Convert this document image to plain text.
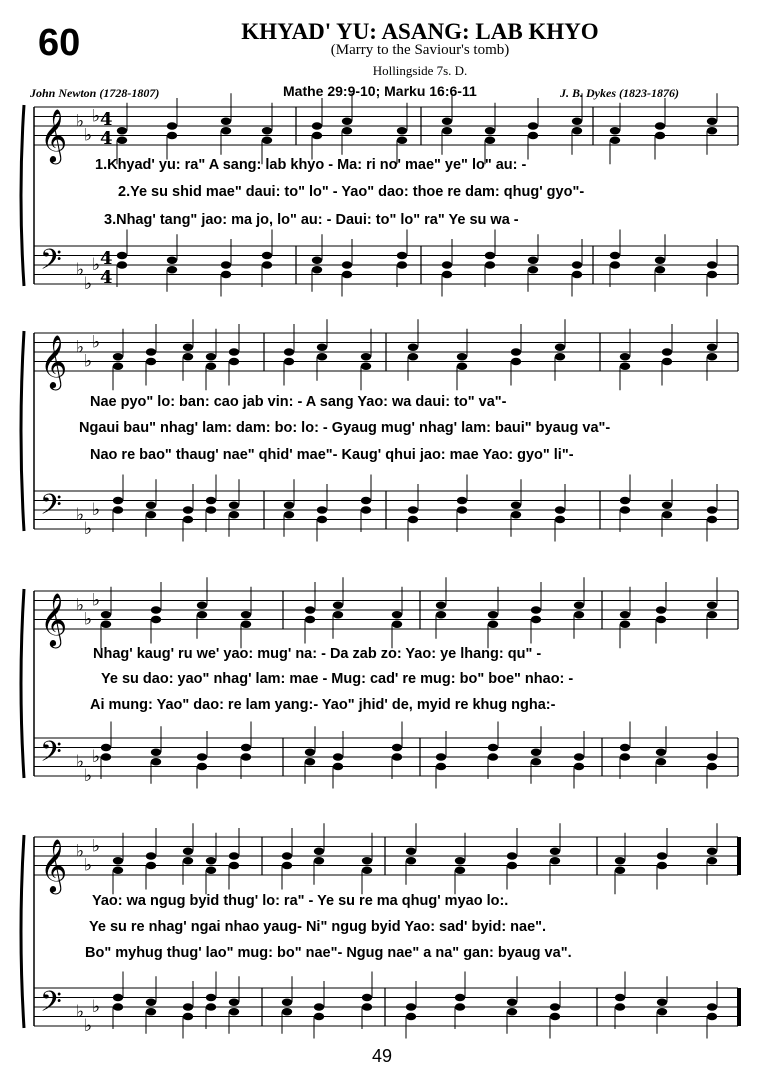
60	KHYAD' YU: ASANG: LAB KHYO
(Marry to the Saviour's tomb)
Hollingside 7s. D.
John Newton (1728-1807)	Mathe 29:9-10; Marku 16:6-11	J. B. Dykes (1823-1876)
𝄞 ♭
♭
♭ 4
4
𝄢 ♭
♭
♭ 4
4
𝄞 ♭
♭
♭
𝄢 ♭
♭
♭
𝄞 ♭
♭
♭
𝄢 ♭
♭
♭
𝄞 ♭
♭
♭
𝄢 ♭
♭
♭
1.Khyad' yu: ra" A sang: lab khyo - Ma: ri no' mae" ye" lo" au: -
2.Ye su shid mae" daui: to" lo" - Yao" dao: thoe re dam: qhug' gyo"-
3.Nhag' tang" jao: ma jo, lo" au: - Daui: to" lo" ra" Ye su wa -
Nae pyo" lo: ban: cao jab vin: - A sang Yao: wa daui: to" va"-
Ngaui bau" nhag' lam: dam: bo: lo: - Gyaug mug' nhag' lam: baui" byaug va"-
Nao re bao" thaug' nae" qhid' mae"- Kaug' qhui jao: mae Yao: gyo" li"-
Nhag' kaug' ru we' yao: mug' na: - Da zab zo: Yao: ye lhang: qu" -
Ye su dao: yao" nhag' lam: mae - Mug: cad' re mug: bo" boe" nhao: -
Ai mung: Yao" dao: re lam yang:- Yao" jhid' de, myid re khug ngha:-
Yao: wa ngug byid thug' lo: ra" - Ye su re ma qhug' myao lo:.
Ye su re nhag' ngai nhao yaug- Ni" ngug byid Yao: sad' byid: nae".
Bo" myhug thug' lao" mug: bo" nae"- Ngug nae" a na" gan: byaug va".
49
